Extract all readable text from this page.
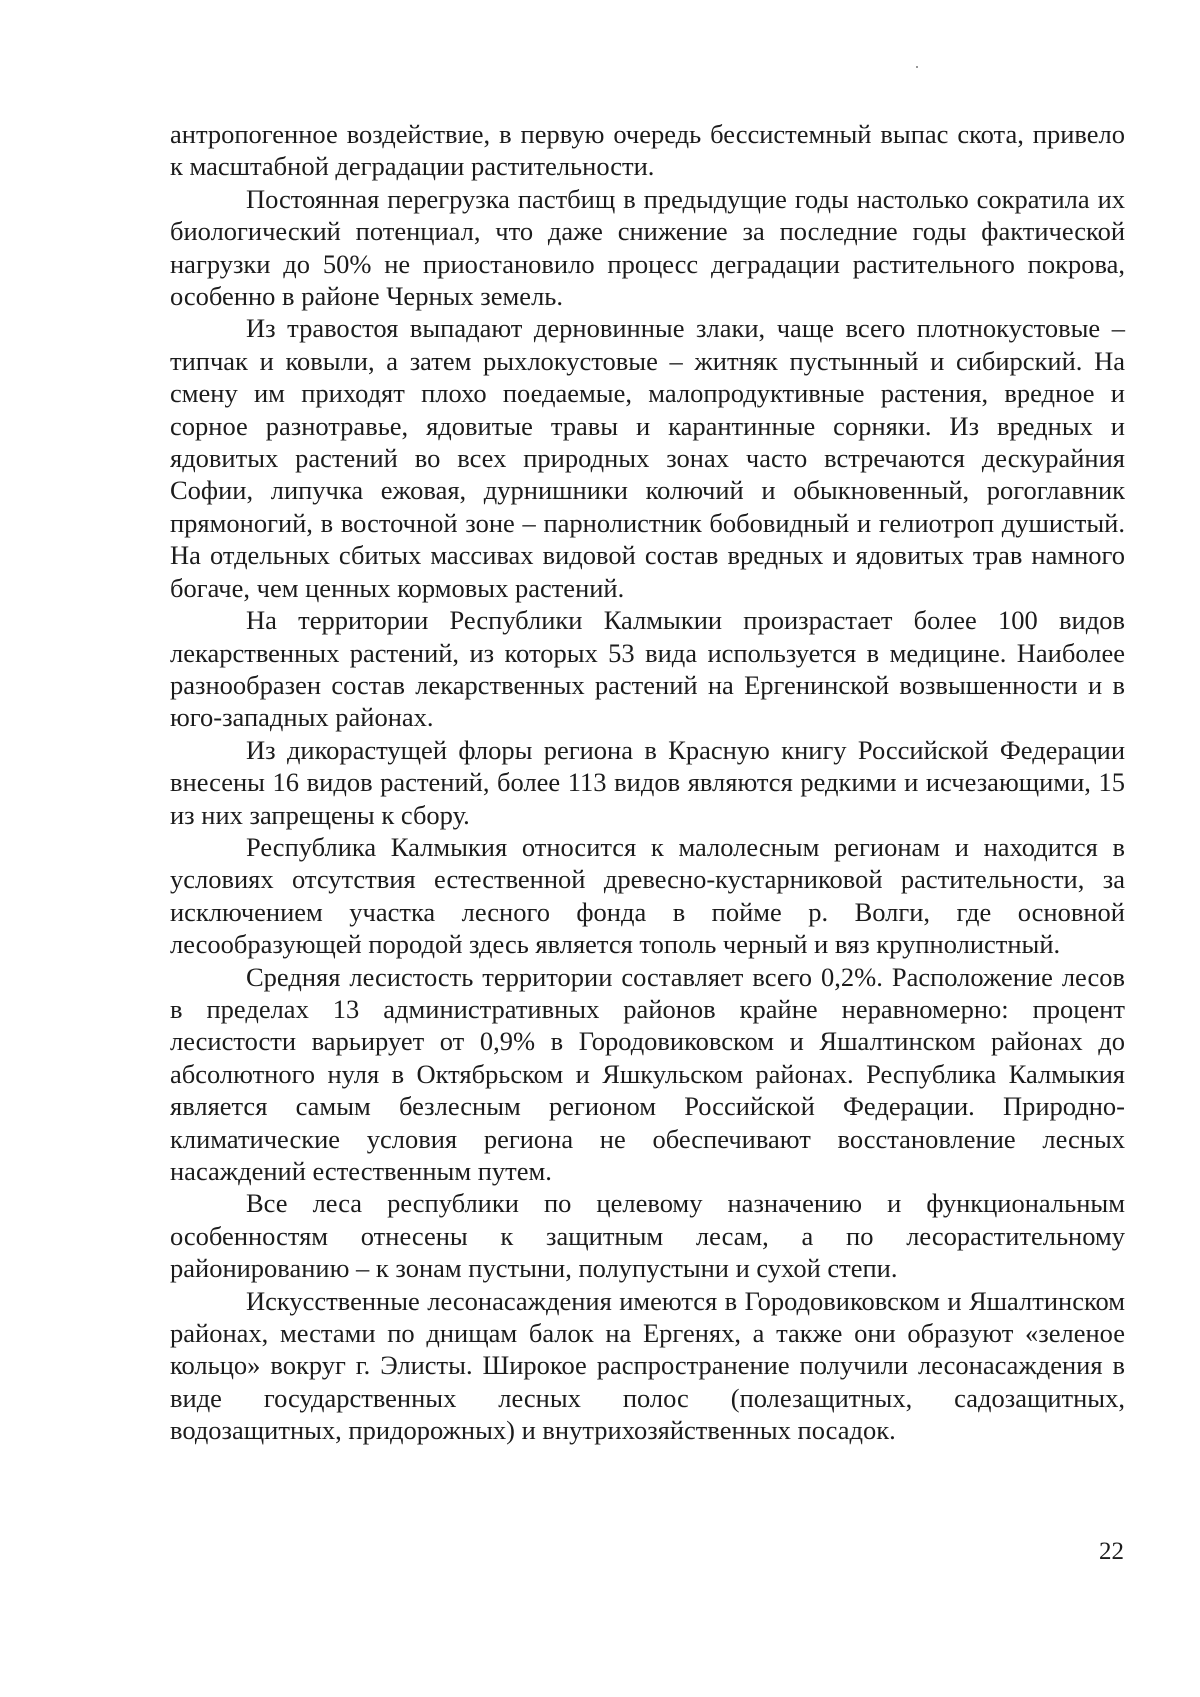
антропогенное воздействие, в первую очередь бессистемный выпас скота, привело к масштабной деградации растительности.

Постоянная перегрузка пастбищ в предыдущие годы настолько сократила их биологический потенциал, что даже снижение за последние годы фактической нагрузки до 50% не приостановило процесс деградации растительного покрова, особенно в районе Черных земель.

Из травостоя выпадают дерновинные злаки, чаще всего плотнокустовые – типчак и ковыли, а затем рыхлокустовые – житняк пустынный и сибирский. На смену им приходят плохо поедаемые, малопродуктивные растения, вредное и сорное разнотравье, ядовитые травы и карантинные сорняки. Из вредных и ядовитых растений во всех природных зонах часто встречаются дескурайния Софии, липучка ежовая, дурнишники колючий и обыкновенный, рогоглавник прямоногий, в восточной зоне – парнолистник бобовидный и гелиотроп душистый. На отдельных сбитых массивах видовой состав вредных и ядовитых трав намного богаче, чем ценных кормовых растений.

На территории Республики Калмыкии произрастает более 100 видов лекарственных растений, из которых 53 вида используется в медицине. Наиболее разнообразен состав лекарственных растений на Ергенинской возвышенности и в юго-западных районах.

Из дикорастущей флоры региона в Красную книгу Российской Федерации внесены 16 видов растений, более 113 видов являются редкими и исчезающими, 15 из них запрещены к сбору.

Республика Калмыкия относится к малолесным регионам и находится в условиях отсутствия естественной древесно-кустарниковой растительности, за исключением участка лесного фонда в пойме р. Волги, где основной лесообразующей породой здесь является тополь черный и вяз крупнолистный.

Средняя лесистость территории составляет всего 0,2%. Расположение лесов в пределах 13 административных районов крайне неравномерно: процент лесистости варьирует от 0,9% в Городовиковском и Яшалтинском районах до абсолютного нуля в Октябрьском и Яшкульском районах. Республика Калмыкия является самым безлесным регионом Российской Федерации. Природно-климатические условия региона не обеспечивают восстановление лесных насаждений естественным путем.

Все леса республики по целевому назначению и функциональным особенностям отнесены к защитным лесам, а по лесорастительному районированию – к зонам пустыни, полупустыни и сухой степи.

Искусственные лесонасаждения имеются в Городовиковском и Яшалтинском районах, местами по днищам балок на Ергенях, а также они образуют «зеленое кольцо» вокруг г. Элисты. Широкое распространение получили лесонасаждения в виде государственных лесных полос (полезащитных, садозащитных, водозащитных, придорожных) и внутрихозяйственных посадок.

22
